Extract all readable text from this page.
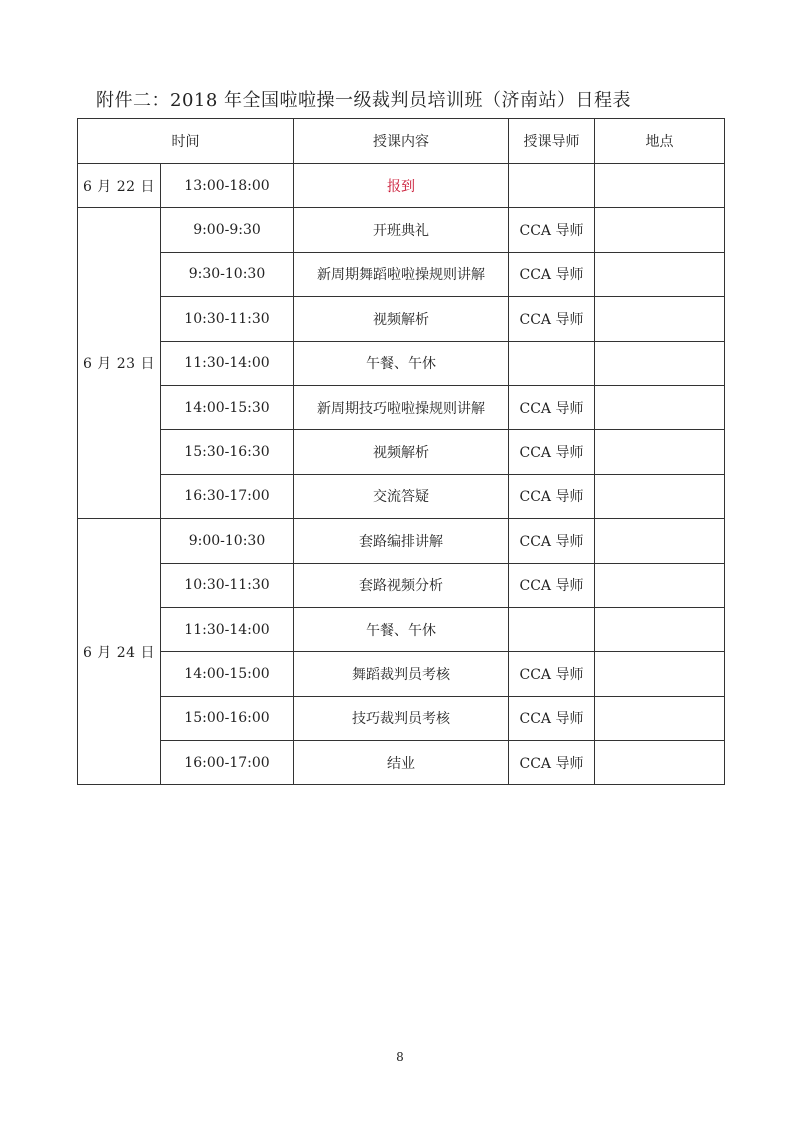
附件二：2018 年全国啦啦操一级裁判员培训班（济南站）日程表
时间		授课内容	授课导师	地点
6 月 22 日	13:00-18:00	报到		
6 月 23 日	9:00-9:30	开班典礼	CCA 导师	
	9:30-10:30	新周期舞蹈啦啦操规则讲解	CCA 导师	
	10:30-11:30	视频解析	CCA 导师	
	11:30-14:00	午餐、午休		
	14:00-15:30	新周期技巧啦啦操规则讲解	CCA 导师	
	15:30-16:30	视频解析	CCA 导师	
	16:30-17:00	交流答疑	CCA 导师	
6 月 24 日	9:00-10:30	套路编排讲解	CCA 导师	
	10:30-11:30	套路视频分析	CCA 导师	
	11:30-14:00	午餐、午休		
	14:00-15:00	舞蹈裁判员考核	CCA 导师	
	15:00-16:00	技巧裁判员考核	CCA 导师	
	16:00-17:00	结业	CCA 导师	
8
